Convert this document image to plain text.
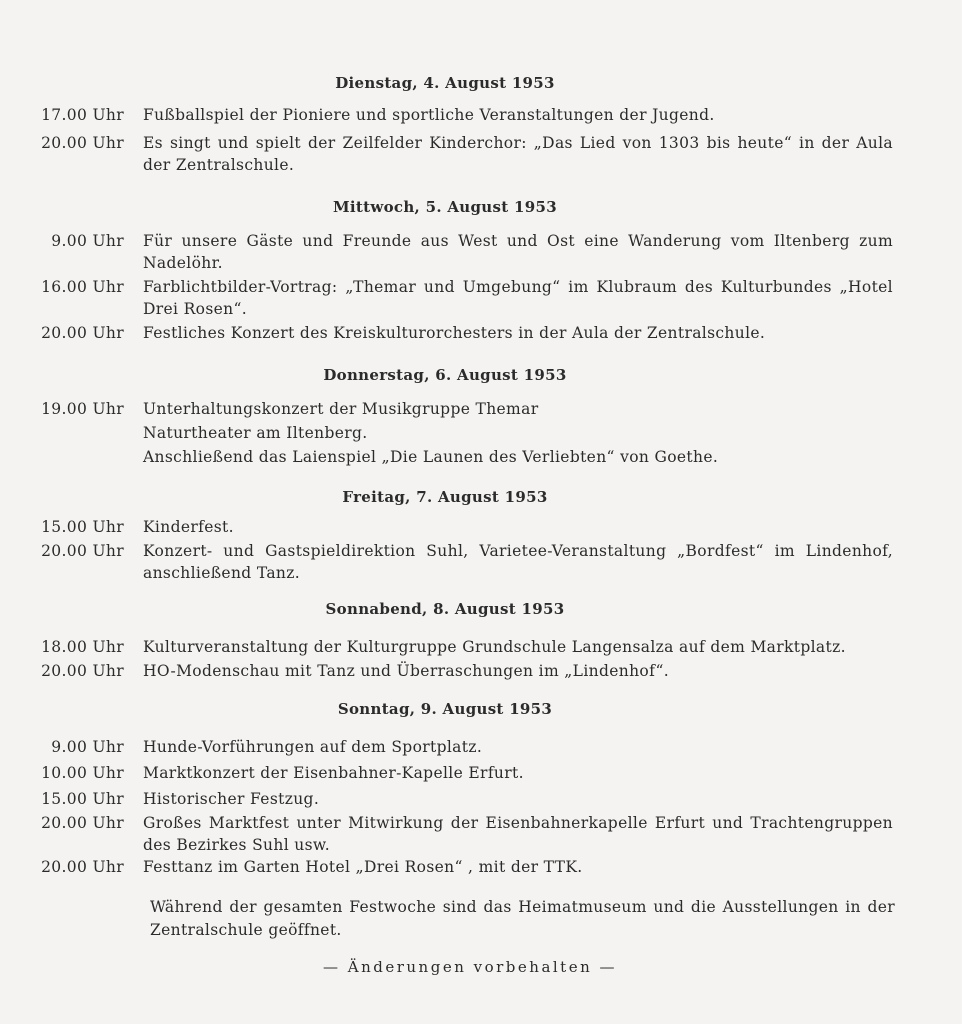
Dienstag, 4. August 1953
17.00 Uhr Fußballspiel der Pioniere und sportliche Veranstaltungen der Jugend.
20.00 Uhr Es singt und spielt der Zeilfelder Kinderchor: „Das Lied von 1303 bis heute“ in der Aula der Zentralschule.
Mittwoch, 5. August 1953
9.00 Uhr Für unsere Gäste und Freunde aus West und Ost eine Wanderung vom Iltenberg zum Nadelöhr.
16.00 Uhr Farblichtbilder-Vortrag: „Themar und Umgebung“ im Klubraum des Kulturbundes „Hotel Drei Rosen“.
20.00 Uhr Festliches Konzert des Kreiskulturorchesters in der Aula der Zentralschule.
Donnerstag, 6. August 1953
19.00 Uhr Unterhaltungskonzert der Musikgruppe Themar
Naturtheater am Iltenberg.
Anschließend das Laienspiel „Die Launen des Verliebten“ von Goethe.
Freitag, 7. August 1953
15.00 Uhr Kinderfest.
20.00 Uhr Konzert- und Gastspieldirektion Suhl, Varietee-Veranstaltung „Bordfest“ im Lindenhof, anschließend Tanz.
Sonnabend, 8. August 1953
18.00 Uhr Kulturveranstaltung der Kulturgruppe Grundschule Langensalza auf dem Marktplatz.
20.00 Uhr HO-Modenschau mit Tanz und Überraschungen im „Lindenhof“.
Sonntag, 9. August 1953
9.00 Uhr Hunde-Vorführungen auf dem Sportplatz.
10.00 Uhr Marktkonzert der Eisenbahner-Kapelle Erfurt.
15.00 Uhr Historischer Festzug.
20.00 Uhr Großes Marktfest unter Mitwirkung der Eisenbahnerkapelle Erfurt und Trachtengruppen des Bezirkes Suhl usw.
20.00 Uhr Festtanz im Garten Hotel „Drei Rosen“ , mit der TTK.
Während der gesamten Festwoche sind das Heimatmuseum und die Ausstellungen in der Zentralschule geöffnet.
— Änderungen vorbehalten —
